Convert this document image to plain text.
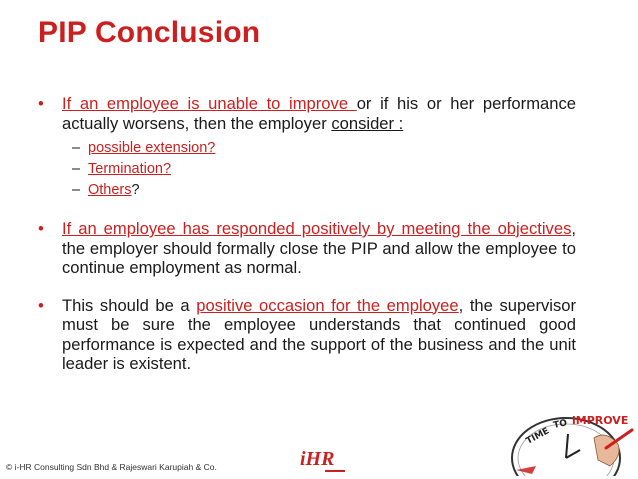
PIP Conclusion
• If an employee is unable to improve or if his or her performance actually worsens, then the employer consider :
– possible extension?
– Termination?
– Others?
• If an employee has responded positively by meeting the objectives, the employer should formally close the PIP and allow the employee to continue employment as normal.
• This should be a positive occasion for the employee, the supervisor must be sure the employee understands that continued good performance is expected and the support of the business and the unit leader is existent.
© i-HR Consulting Sdn Bhd & Rajeswari Karupiah & Co.	iHR
TIME
TO iMPROVE
